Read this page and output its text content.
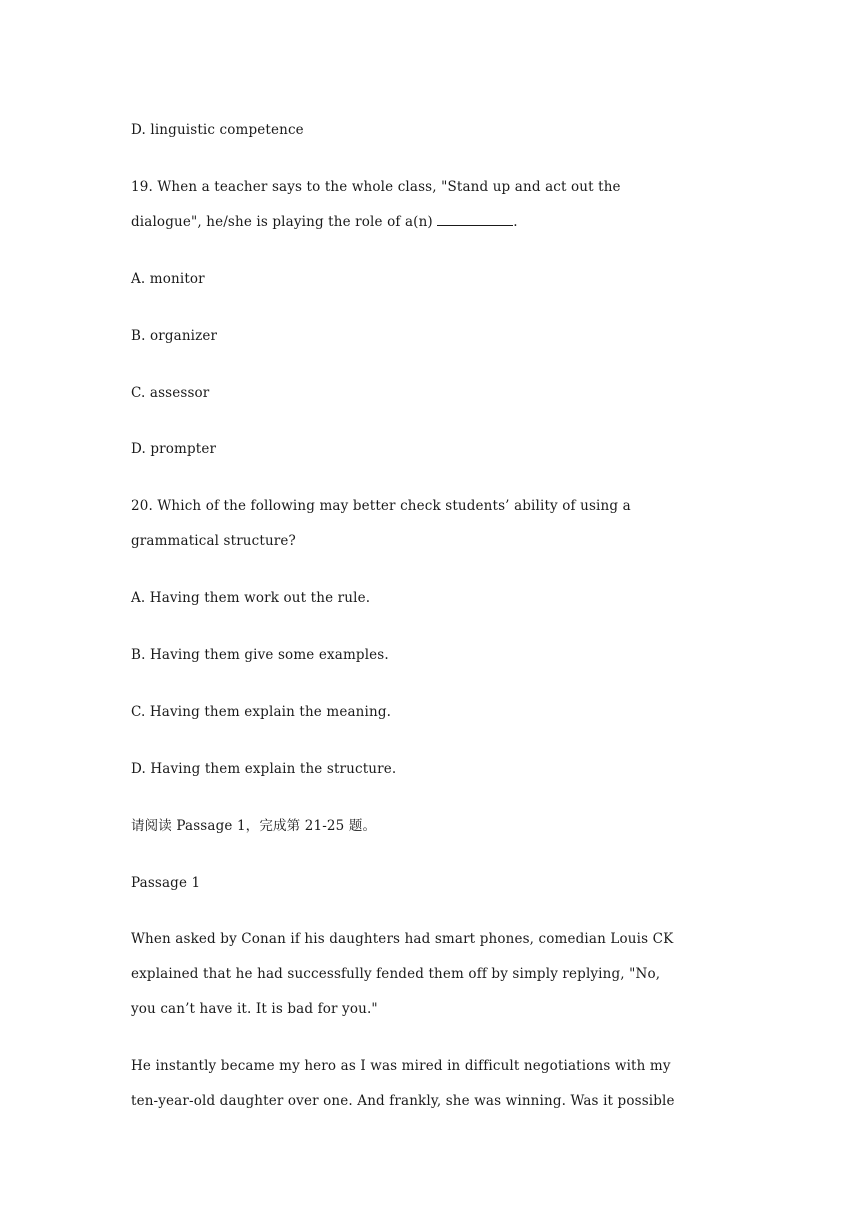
D. linguistic competence
19. When a teacher says to the whole class, "Stand up and act out the
dialogue", he/she is playing the role of a(n)	.
A. monitor
B. organizer
C. assessor
D. prompter
20. Which of the following may better check students’ ability of using a
grammatical structure?
A. Having them work out the rule.
B. Having them give some examples.
C. Having them explain the meaning.
D. Having them explain the structure.
请阅读 Passage 1，完成第 21-25 题。
Passage 1
When asked by Conan if his daughters had smart phones, comedian Louis CK
explained that he had successfully fended them off by simply replying, "No,
you can’t have it. It is bad for you."
He instantly became my hero as I was mired in difficult negotiations with my
ten-year-old daughter over one. And frankly, she was winning. Was it possible
